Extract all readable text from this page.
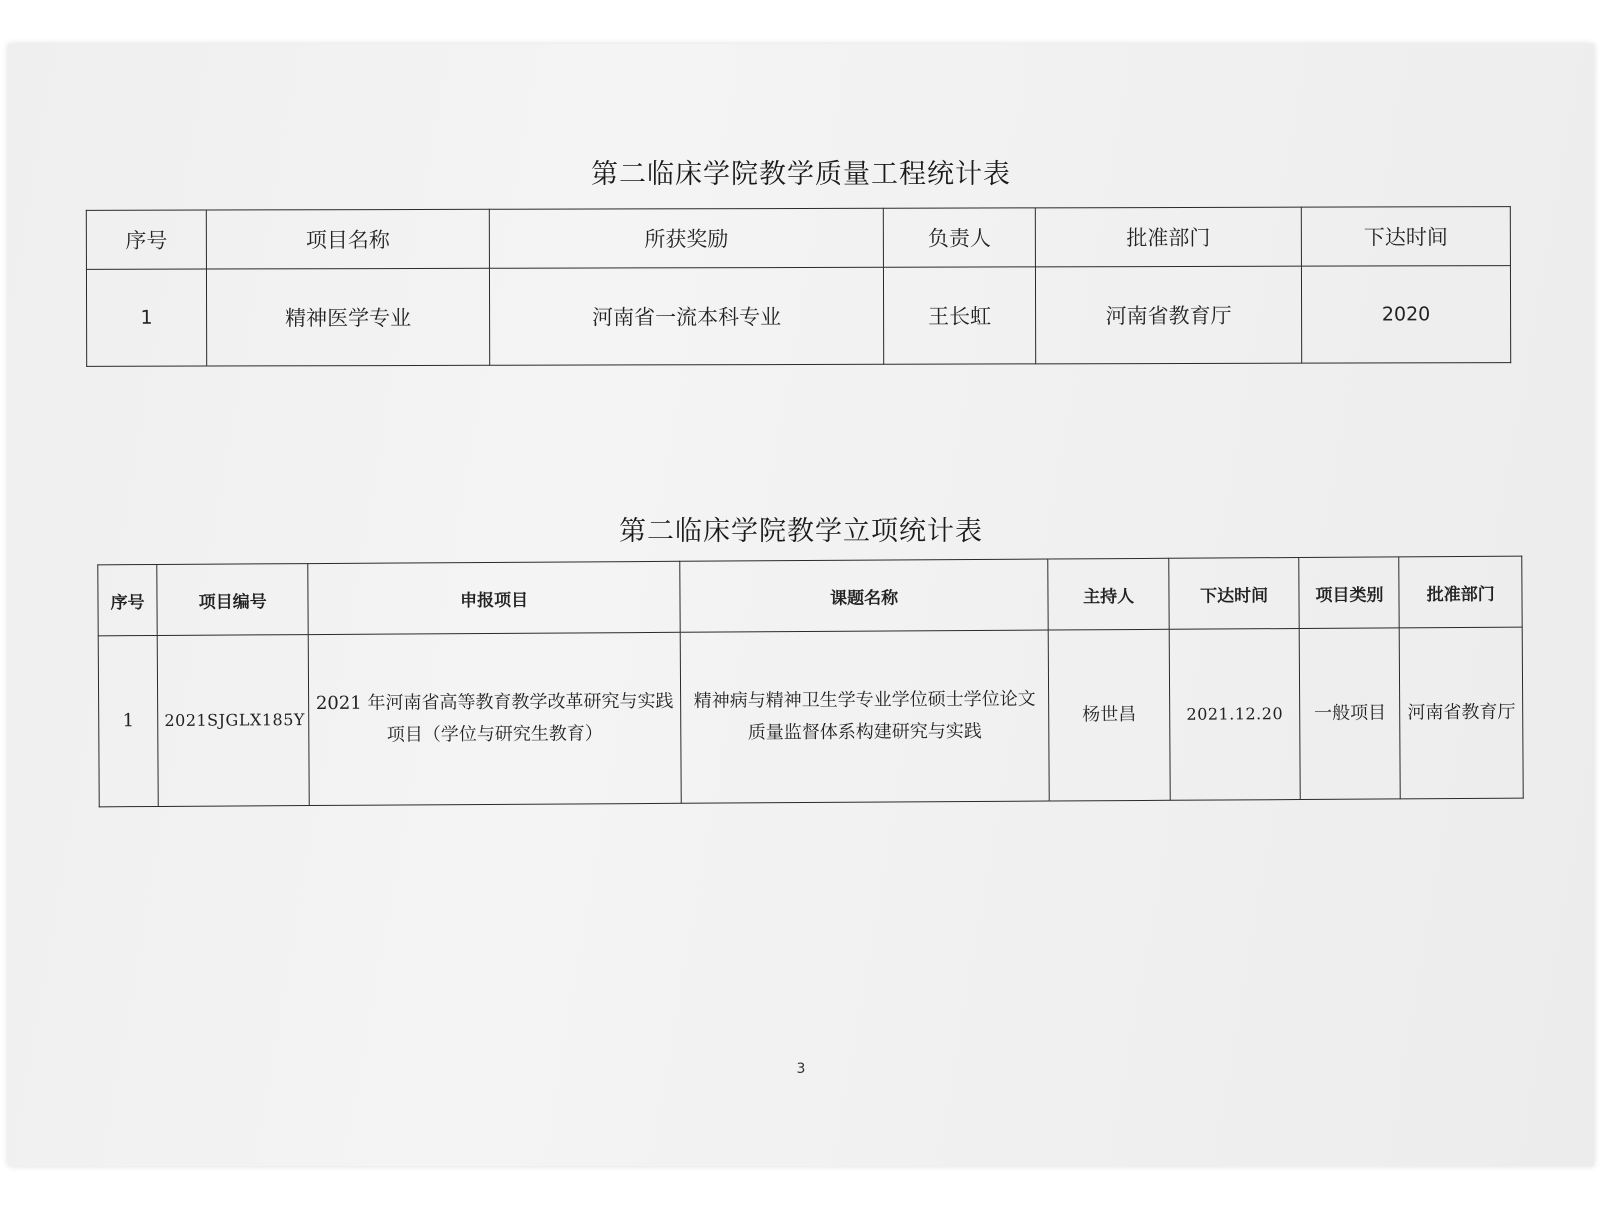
第二临床学院教学质量工程统计表
序号	项目名称	所获奖励	负责人	批准部门	下达时间
1	精神医学专业	河南省一流本科专业	王长虹	河南省教育厅	2020
第二临床学院教学立项统计表
序号	项目编号	申报项目	课题名称	主持人	下达时间	项目类别	批准部门
1	2021SJGLX185Y	2021 年河南省高等教育教学改革研究与实践项目（学位与研究生教育）	精神病与精神卫生学专业学位硕士学位论文质量监督体系构建研究与实践	杨世昌	2021.12.20	一般项目	河南省教育厅
3
